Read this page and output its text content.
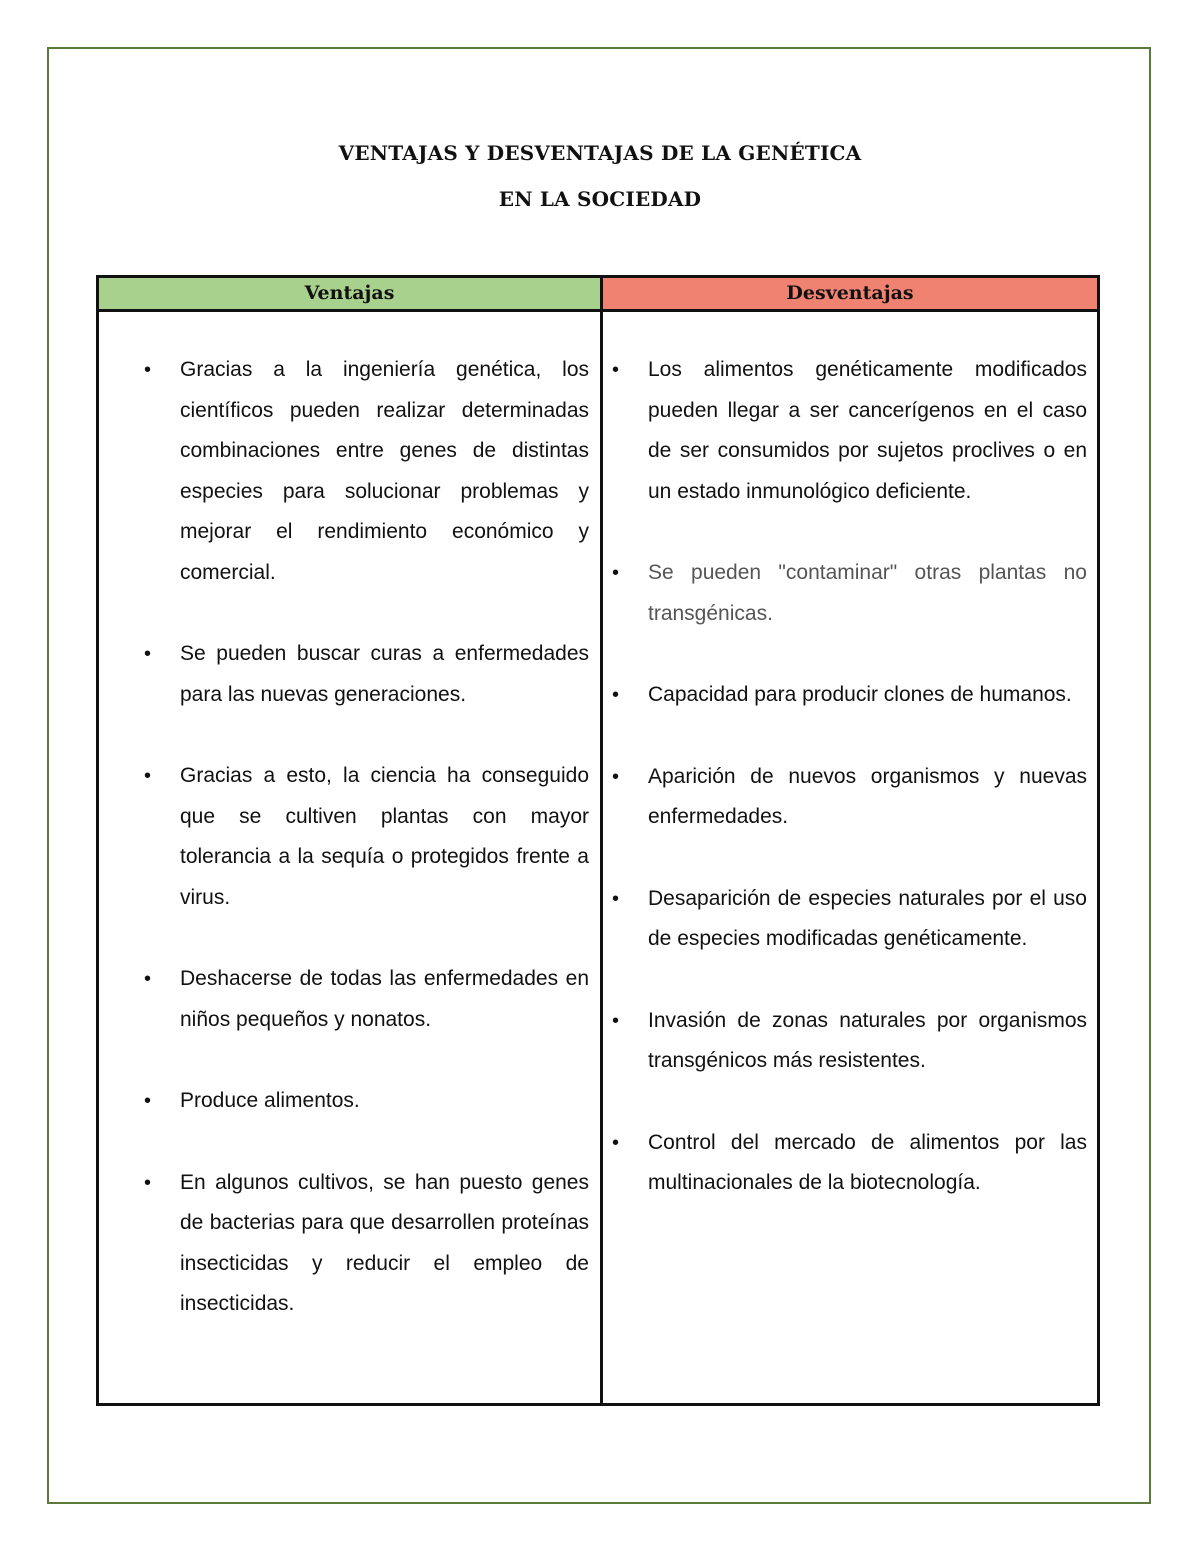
VENTAJAS Y DESVENTAJAS DE LA GENÉTICA
EN LA SOCIEDAD
Ventajas	Desventajas
• Gracias a la ingeniería genética, los científicos pueden realizar determinadas combinaciones entre genes de distintas especies para solucionar problemas y mejorar el rendimiento económico y comercial.
• Se pueden buscar curas a enfermedades para las nuevas generaciones.
• Gracias a esto, la ciencia ha conseguido que se cultiven plantas con mayor tolerancia a la sequía o protegidos frente a virus.
• Deshacerse de todas las enfermedades en niños pequeños y nonatos.
• Produce alimentos.
• En algunos cultivos, se han puesto genes de bacterias para que desarrollen proteínas insecticidas y reducir el empleo de insecticidas.
• Los alimentos genéticamente modificados pueden llegar a ser cancerígenos en el caso de ser consumidos por sujetos proclives o en un estado inmunológico deficiente.
• Se pueden "contaminar" otras plantas no transgénicas.
• Capacidad para producir clones de humanos.
• Aparición de nuevos organismos y nuevas enfermedades.
• Desaparición de especies naturales por el uso de especies modificadas genéticamente.
• Invasión de zonas naturales por organismos transgénicos más resistentes.
• Control del mercado de alimentos por las multinacionales de la biotecnología.
